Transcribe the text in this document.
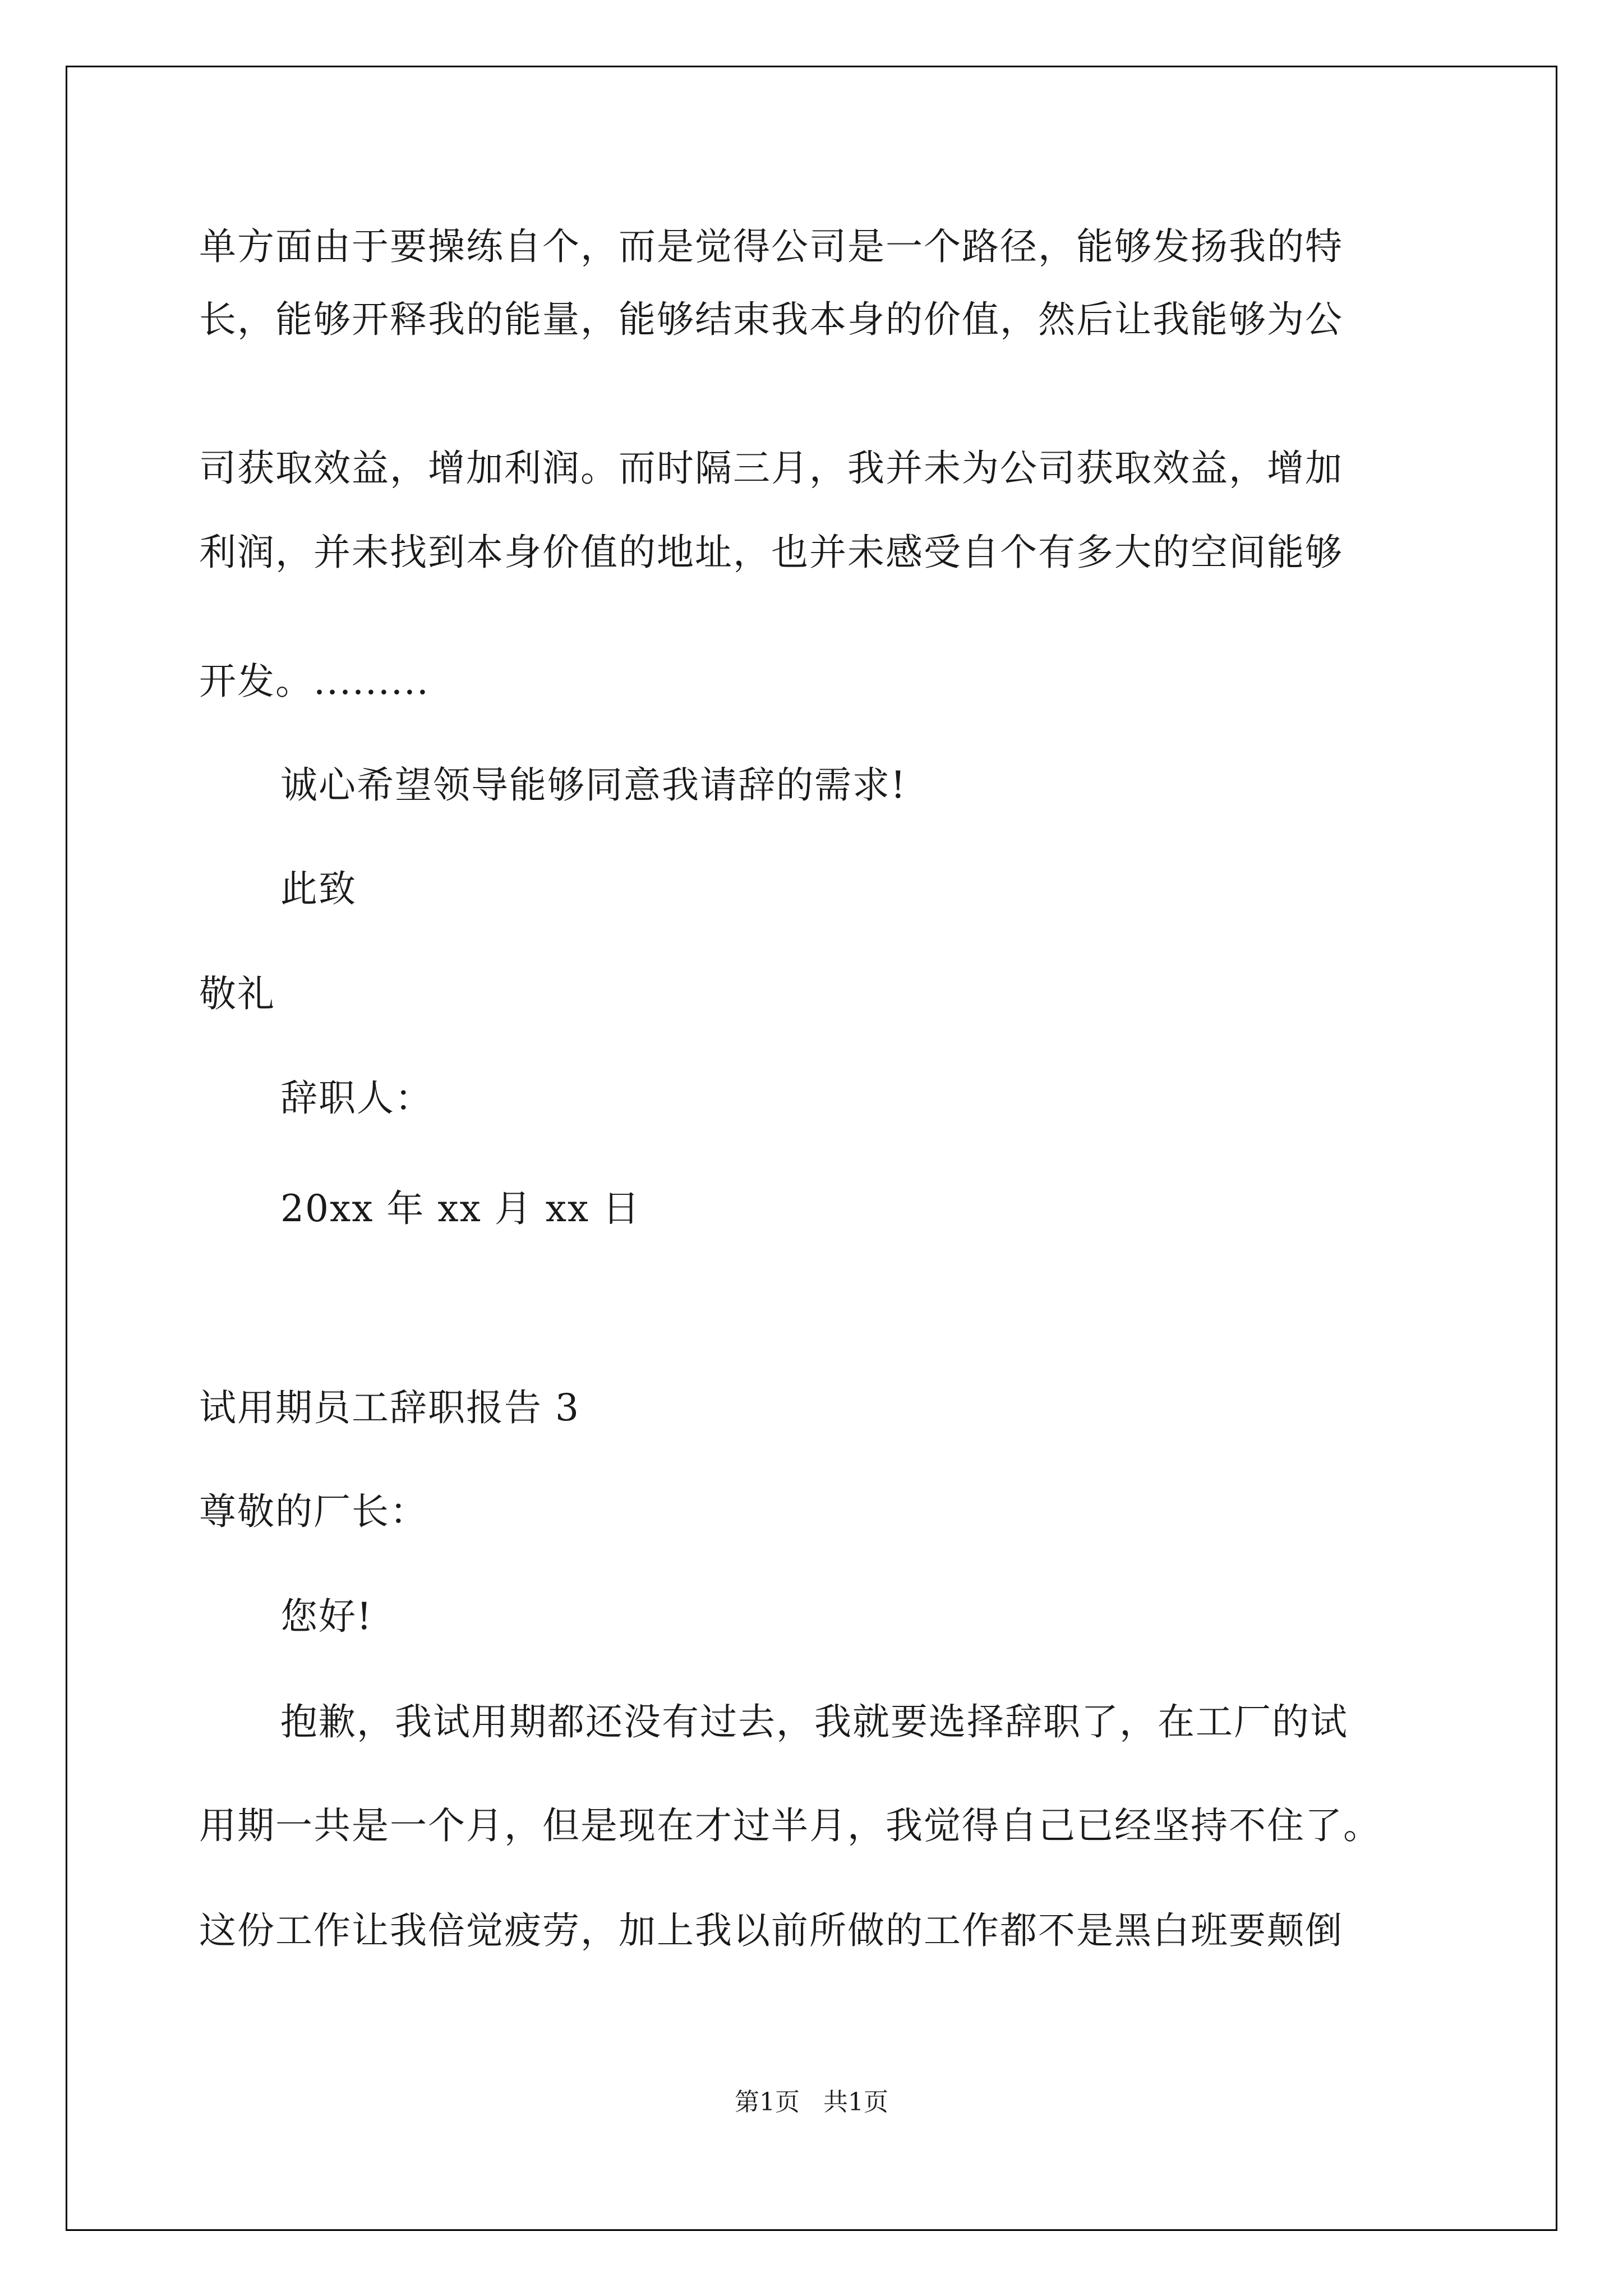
单方面由于要操练自个，而是觉得公司是一个路径，能够发扬我的特
长，能够开释我的能量，能够结束我本身的价值，然后让我能够为公
司获取效益，增加利润。而时隔三月，我并未为公司获取效益，增加
利润，并未找到本身价值的地址，也并未感受自个有多大的空间能够
开发。.........
诚心希望领导能够同意我请辞的需求!
此致
敬礼
辞职人：
20xx 年 xx 月 xx 日
试用期员工辞职报告 3
尊敬的厂长：
您好!
抱歉，我试用期都还没有过去，我就要选择辞职了，在工厂的试
用期一共是一个月，但是现在才过半月，我觉得自己已经坚持不住了。
这份工作让我倍觉疲劳，加上我以前所做的工作都不是黑白班要颠倒
第1页   共1页
